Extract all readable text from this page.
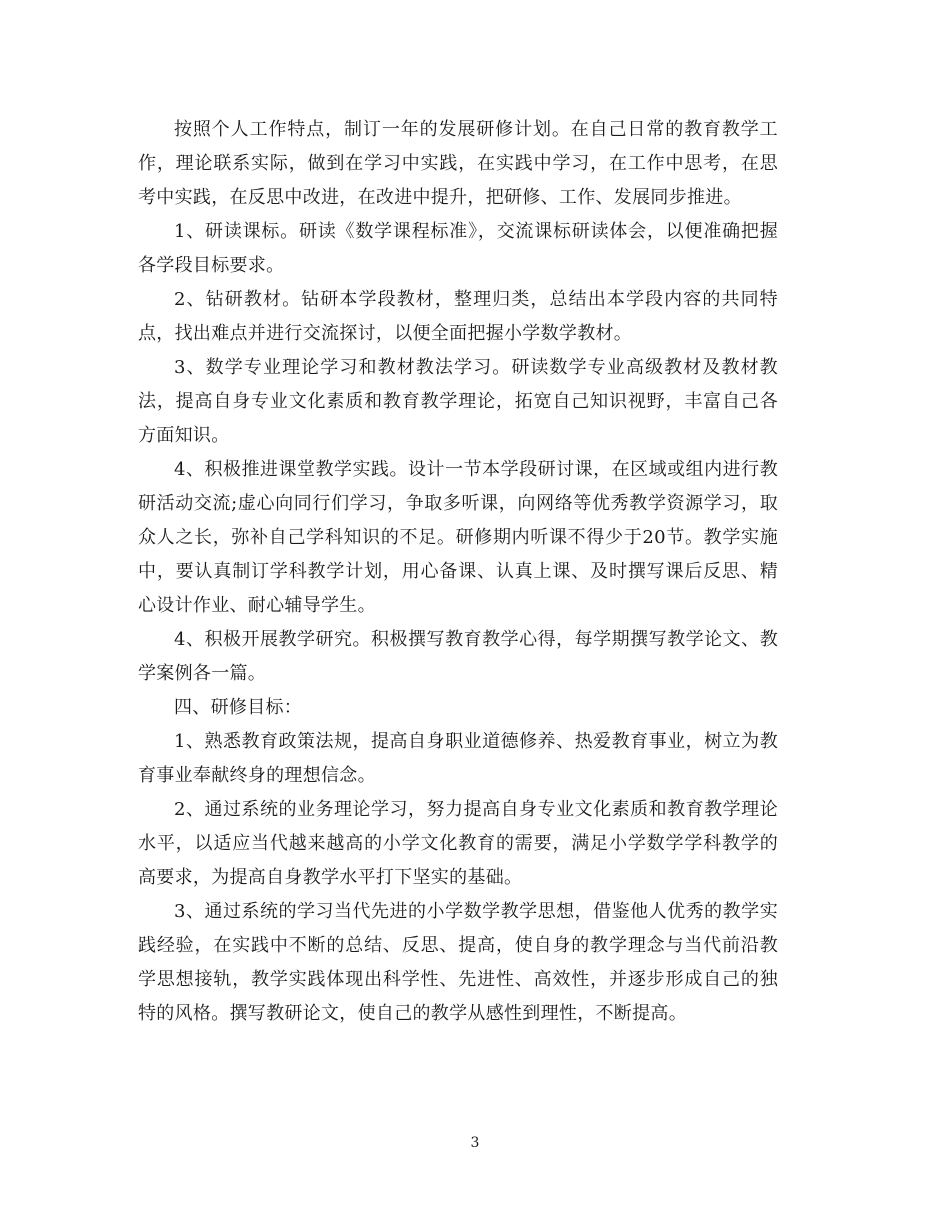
按照个人工作特点，制订一年的发展研修计划。在自己日常的教育教学工作，理论联系实际，做到在学习中实践，在实践中学习，在工作中思考，在思考中实践，在反思中改进，在改进中提升，把研修、工作、发展同步推进。

1、研读课标。研读《数学课程标准》，交流课标研读体会，以便准确把握各学段目标要求。

2、钻研教材。钻研本学段教材，整理归类，总结出本学段内容的共同特点，找出难点并进行交流探讨，以便全面把握小学数学教材。

3、数学专业理论学习和教材教法学习。研读数学专业高级教材及教材教法，提高自身专业文化素质和教育教学理论，拓宽自己知识视野，丰富自己各方面知识。

4、积极推进课堂教学实践。设计一节本学段研讨课，在区域或组内进行教研活动交流;虚心向同行们学习，争取多听课，向网络等优秀教学资源学习，取众人之长，弥补自己学科知识的不足。研修期内听课不得少于20节。教学实施中，要认真制订学科教学计划，用心备课、认真上课、及时撰写课后反思、精心设计作业、耐心辅导学生。

4、积极开展教学研究。积极撰写教育教学心得，每学期撰写教学论文、教学案例各一篇。

四、研修目标：

1、熟悉教育政策法规，提高自身职业道德修养、热爱教育事业，树立为教育事业奉献终身的理想信念。

2、通过系统的业务理论学习，努力提高自身专业文化素质和教育教学理论水平，以适应当代越来越高的小学文化教育的需要，满足小学数学学科教学的高要求，为提高自身教学水平打下坚实的基础。

3、通过系统的学习当代先进的小学数学教学思想，借鉴他人优秀的教学实践经验，在实践中不断的总结、反思、提高，使自身的教学理念与当代前沿教学思想接轨，教学实践体现出科学性、先进性、高效性，并逐步形成自己的独特的风格。撰写教研论文，使自己的教学从感性到理性，不断提高。

3
